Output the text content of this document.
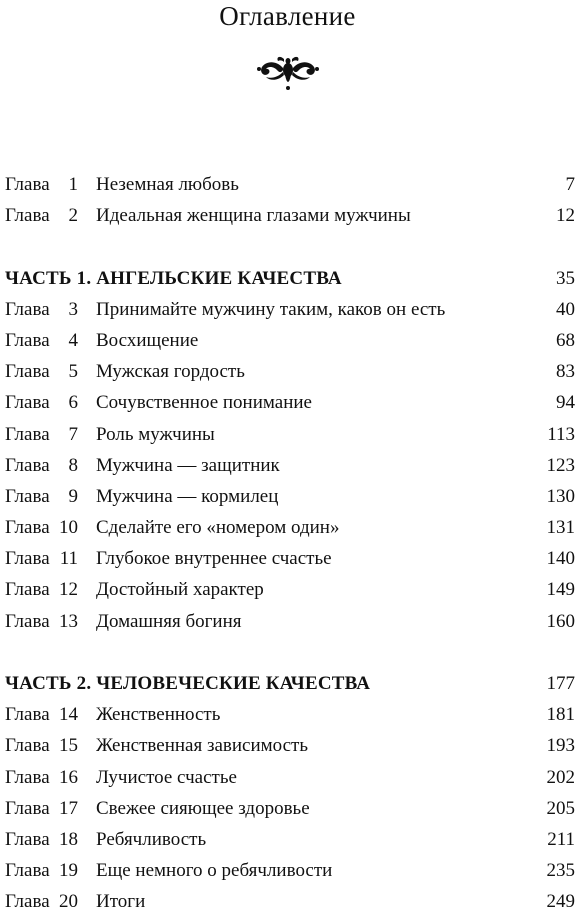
Оглавление
Глава 1 Неземная любовь	7
Глава 2 Идеальная женщина глазами мужчины	12
ЧАСТЬ 1. АНГЕЛЬСКИЕ КАЧЕСТВА	35
Глава 3 Принимайте мужчину таким, каков он есть	40
Глава 4 Восхищение	68
Глава 5 Мужская гордость	83
Глава 6 Сочувственное понимание	94
Глава 7 Роль мужчины	113
Глава 8 Мужчина — защитник	123
Глава 9 Мужчина — кормилец	130
Глава 10 Сделайте его «номером один»	131
Глава 11 Глубокое внутреннее счастье	140
Глава 12 Достойный характер	149
Глава 13 Домашняя богиня	160
ЧАСТЬ 2. ЧЕЛОВЕЧЕСКИЕ КАЧЕСТВА	177
Глава 14 Женственность	181
Глава 15 Женственная зависимость	193
Глава 16 Лучистое счастье	202
Глава 17 Свежее сияющее здоровье	205
Глава 18 Ребячливость	211
Глава 19 Еще немного о ребячливости	235
Глава 20 Итоги	249
